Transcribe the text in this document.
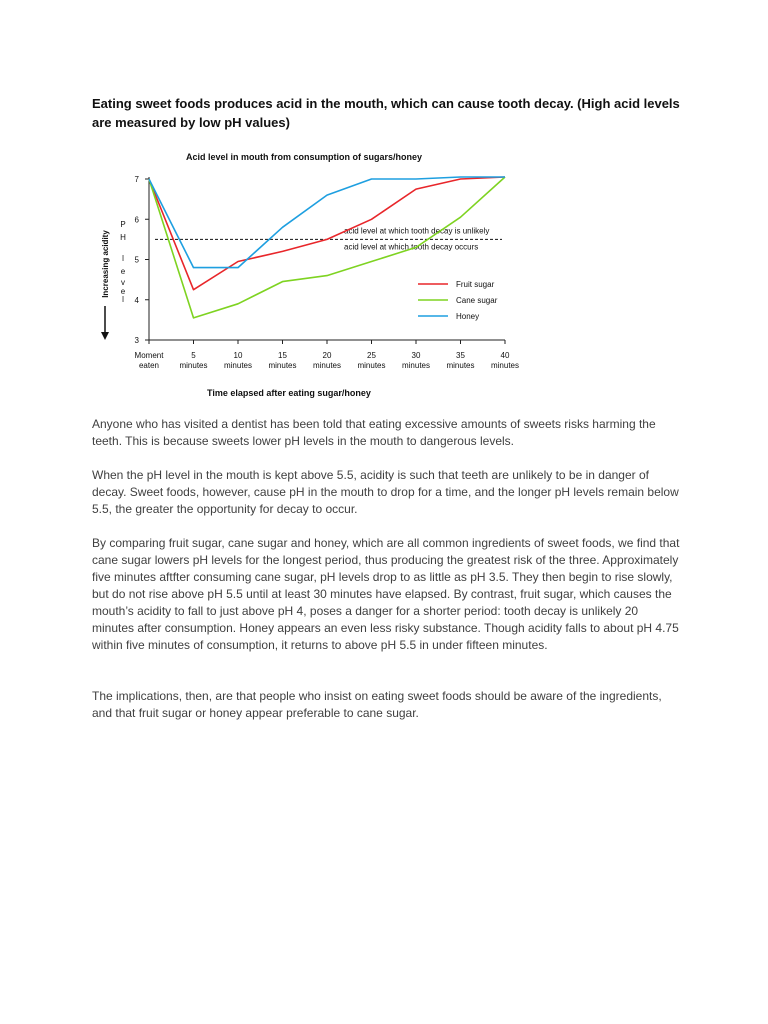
Eating sweet foods produces acid in the mouth, which can cause tooth decay. (High acid levels are measured by low pH values)
Acid level in mouth from consumption of sugars/honey
3
4
5
6
7
Moment
eaten
5
minutes
10
minutes
15
minutes
20
minutes
25
minutes
30
minutes
35
minutes
40
minutes
P
H
l
e
v
e
l
Increasing acidity	acid level at which tooth decay is unlikely
acid level at which tooth decay occurs
Fruit sugar
Cane sugar
Honey
Time elapsed after eating sugar/honey

Anyone who has visited a dentist has been told that eating excessive amounts of sweets risks harming the teeth. This is because sweets lower pH levels in the mouth to dangerous levels.

When the pH level in the mouth is kept above 5.5, acidity is such that teeth are unlikely to be in danger of decay. Sweet foods, however, cause pH in the mouth to drop for a time, and the longer pH levels remain below 5.5, the greater the opportunity for decay to occur.

By comparing fruit sugar, cane sugar and honey, which are all common ingredients of sweet foods, we find that cane sugar lowers pH levels for the longest period, thus producing the greatest risk of the three. Approximately five minutes aftfter consuming cane sugar, pH levels drop to as little as pH 3.5. They then begin to rise slowly, but do not rise above pH 5.5 until at least 30 minutes have elapsed. By contrast, fruit sugar, which causes the mouth’s acidity to fall to just above pH 4, poses a danger for a shorter period: tooth decay is unlikely 20 minutes after consumption. Honey appears an even less risky substance. Though acidity falls to about pH 4.75 within five minutes of consumption, it returns to above pH 5.5 in under fifteen minutes.

The implications, then, are that people who insist on eating sweet foods should be aware of the ingredients, and that fruit sugar or honey appear preferable to cane sugar.
